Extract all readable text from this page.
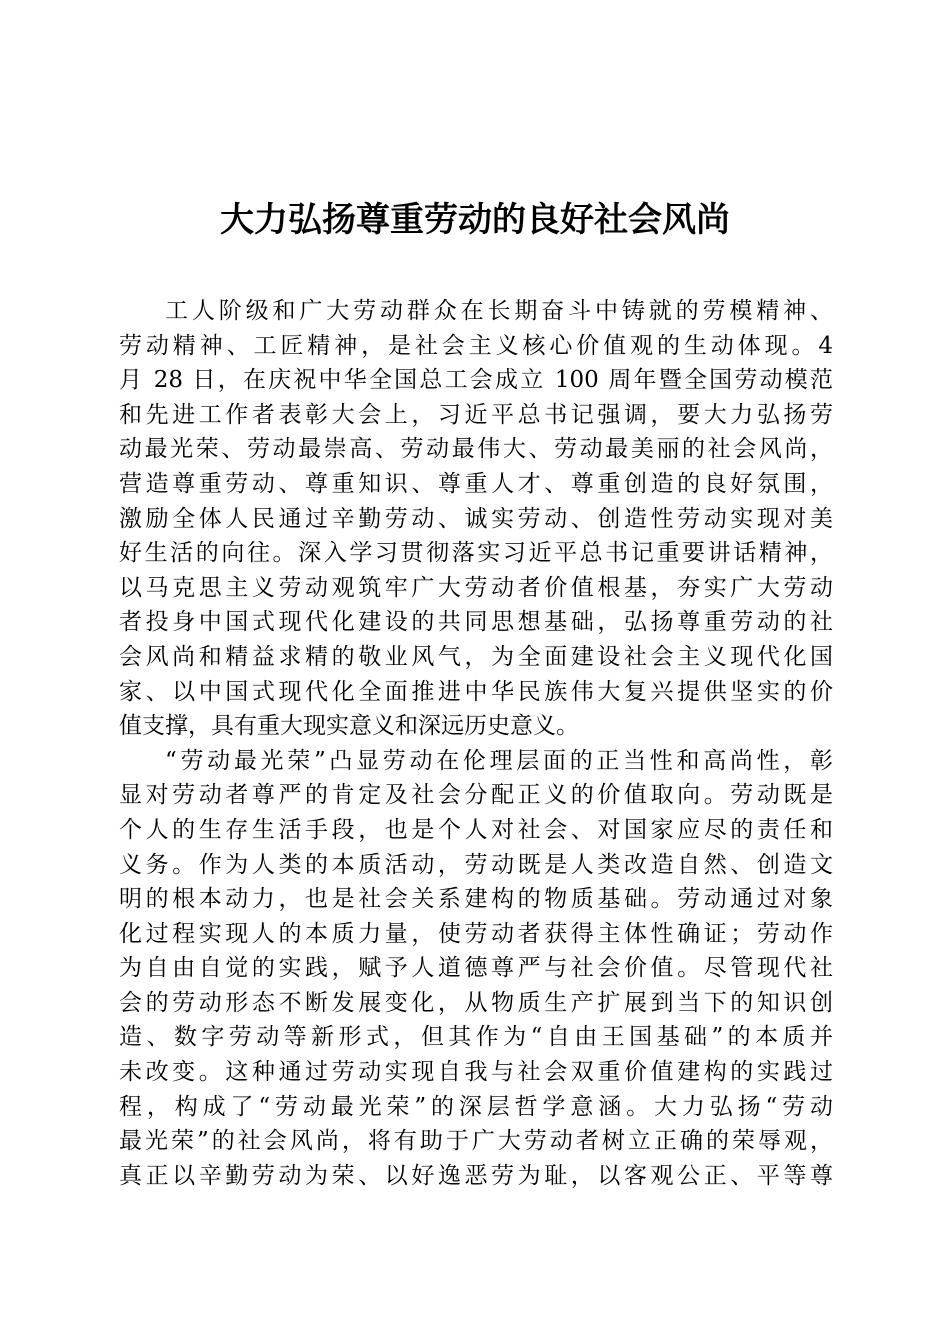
大力弘扬尊重劳动的良好社会风尚
工人阶级和广大劳动群众在长期奋斗中铸就的劳模精神、
劳动精神、工匠精神，是社会主义核心价值观的生动体现。4
月 28 日，在庆祝中华全国总工会成立 100 周年暨全国劳动模范
和先进工作者表彰大会上，习近平总书记强调，要大力弘扬劳
动最光荣、劳动最崇高、劳动最伟大、劳动最美丽的社会风尚，
营造尊重劳动、尊重知识、尊重人才、尊重创造的良好氛围，
激励全体人民通过辛勤劳动、诚实劳动、创造性劳动实现对美
好生活的向往。深入学习贯彻落实习近平总书记重要讲话精神，
以马克思主义劳动观筑牢广大劳动者价值根基，夯实广大劳动
者投身中国式现代化建设的共同思想基础，弘扬尊重劳动的社
会风尚和精益求精的敬业风气，为全面建设社会主义现代化国
家、以中国式现代化全面推进中华民族伟大复兴提供坚实的价
值支撑，具有重大现实意义和深远历史意义。
“劳动最光荣”凸显劳动在伦理层面的正当性和高尚性，彰
显对劳动者尊严的肯定及社会分配正义的价值取向。劳动既是
个人的生存生活手段，也是个人对社会、对国家应尽的责任和
义务。作为人类的本质活动，劳动既是人类改造自然、创造文
明的根本动力，也是社会关系建构的物质基础。劳动通过对象
化过程实现人的本质力量，使劳动者获得主体性确证；劳动作
为自由自觉的实践，赋予人道德尊严与社会价值。尽管现代社
会的劳动形态不断发展变化，从物质生产扩展到当下的知识创
造、数字劳动等新形式，但其作为“自由王国基础”的本质并
未改变。这种通过劳动实现自我与社会双重价值建构的实践过
程，构成了“劳动最光荣”的深层哲学意涵。大力弘扬“劳动
最光荣”的社会风尚，将有助于广大劳动者树立正确的荣辱观，
真正以辛勤劳动为荣、以好逸恶劳为耻，以客观公正、平等尊
